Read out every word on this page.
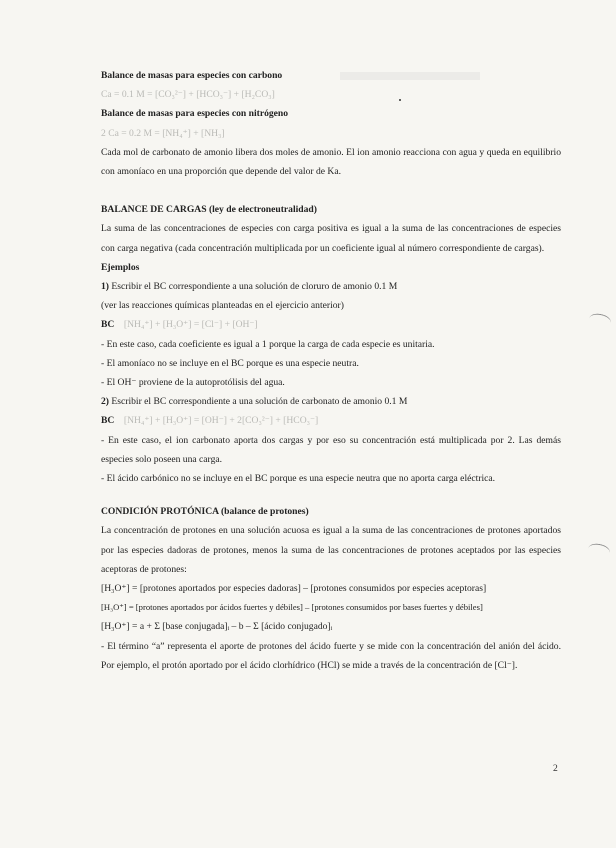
Balance de masas para especies con carbono

Ca = 0.1 M = [CO₃²⁻] + [HCO₃⁻] + [H₂CO₃]

Balance de masas para especies con nitrógeno

2 Ca = 0.2 M = [NH₄⁺] + [NH₃]

Cada mol de carbonato de amonio libera dos moles de amonio. El ion amonio reacciona con agua y queda en equilibrio con amoníaco en una proporción que depende del valor de Ka.

BALANCE DE CARGAS (ley de electroneutralidad)

La suma de las concentraciones de especies con carga positiva es igual a la suma de las concentraciones de especies con carga negativa (cada concentración multiplicada por un coeficiente igual al número correspondiente de cargas).

Ejemplos

1) Escribir el BC correspondiente a una solución de cloruro de amonio 0.1 M

(ver las reacciones químicas planteadas en el ejercicio anterior)

BC [NH₄⁺] + [H₃O⁺] = [Cl⁻] + [OH⁻]

- En este caso, cada coeficiente es igual a 1 porque la carga de cada especie es unitaria.

- El amoníaco no se incluye en el BC porque es una especie neutra.

- El OH⁻ proviene de la autoprotólisis del agua.

2) Escribir el BC correspondiente a una solución de carbonato de amonio 0.1 M

BC [NH₄⁺] + [H₃O⁺] = [OH⁻] + 2[CO₃²⁻] + [HCO₃⁻]

- En este caso, el ion carbonato aporta dos cargas y por eso su concentración está multiplicada por 2. Las demás especies solo poseen una carga.

- El ácido carbónico no se incluye en el BC porque es una especie neutra que no aporta carga eléctrica.

CONDICIÓN PROTÓNICA (balance de protones)

La concentración de protones en una solución acuosa es igual a la suma de las concentraciones de protones aportados por las especies dadoras de protones, menos la suma de las concentraciones de protones aceptados por las especies aceptoras de protones:

[H₃O⁺] = [protones aportados por especies dadoras] – [protones consumidos por especies aceptoras]

[H₃O⁺] = [protones aportados por ácidos fuertes y débiles] – [protones consumidos por bases fuertes y débiles]

[H₃O⁺] = a + Σ [base conjugada]ᵢ – b – Σ [ácido conjugado]ᵢ

- El término “a” representa el aporte de protones del ácido fuerte y se mide con la concentración del anión del ácido. Por ejemplo, el protón aportado por el ácido clorhídrico (HCl) se mide a través de la concentración de [Cl⁻].

2
